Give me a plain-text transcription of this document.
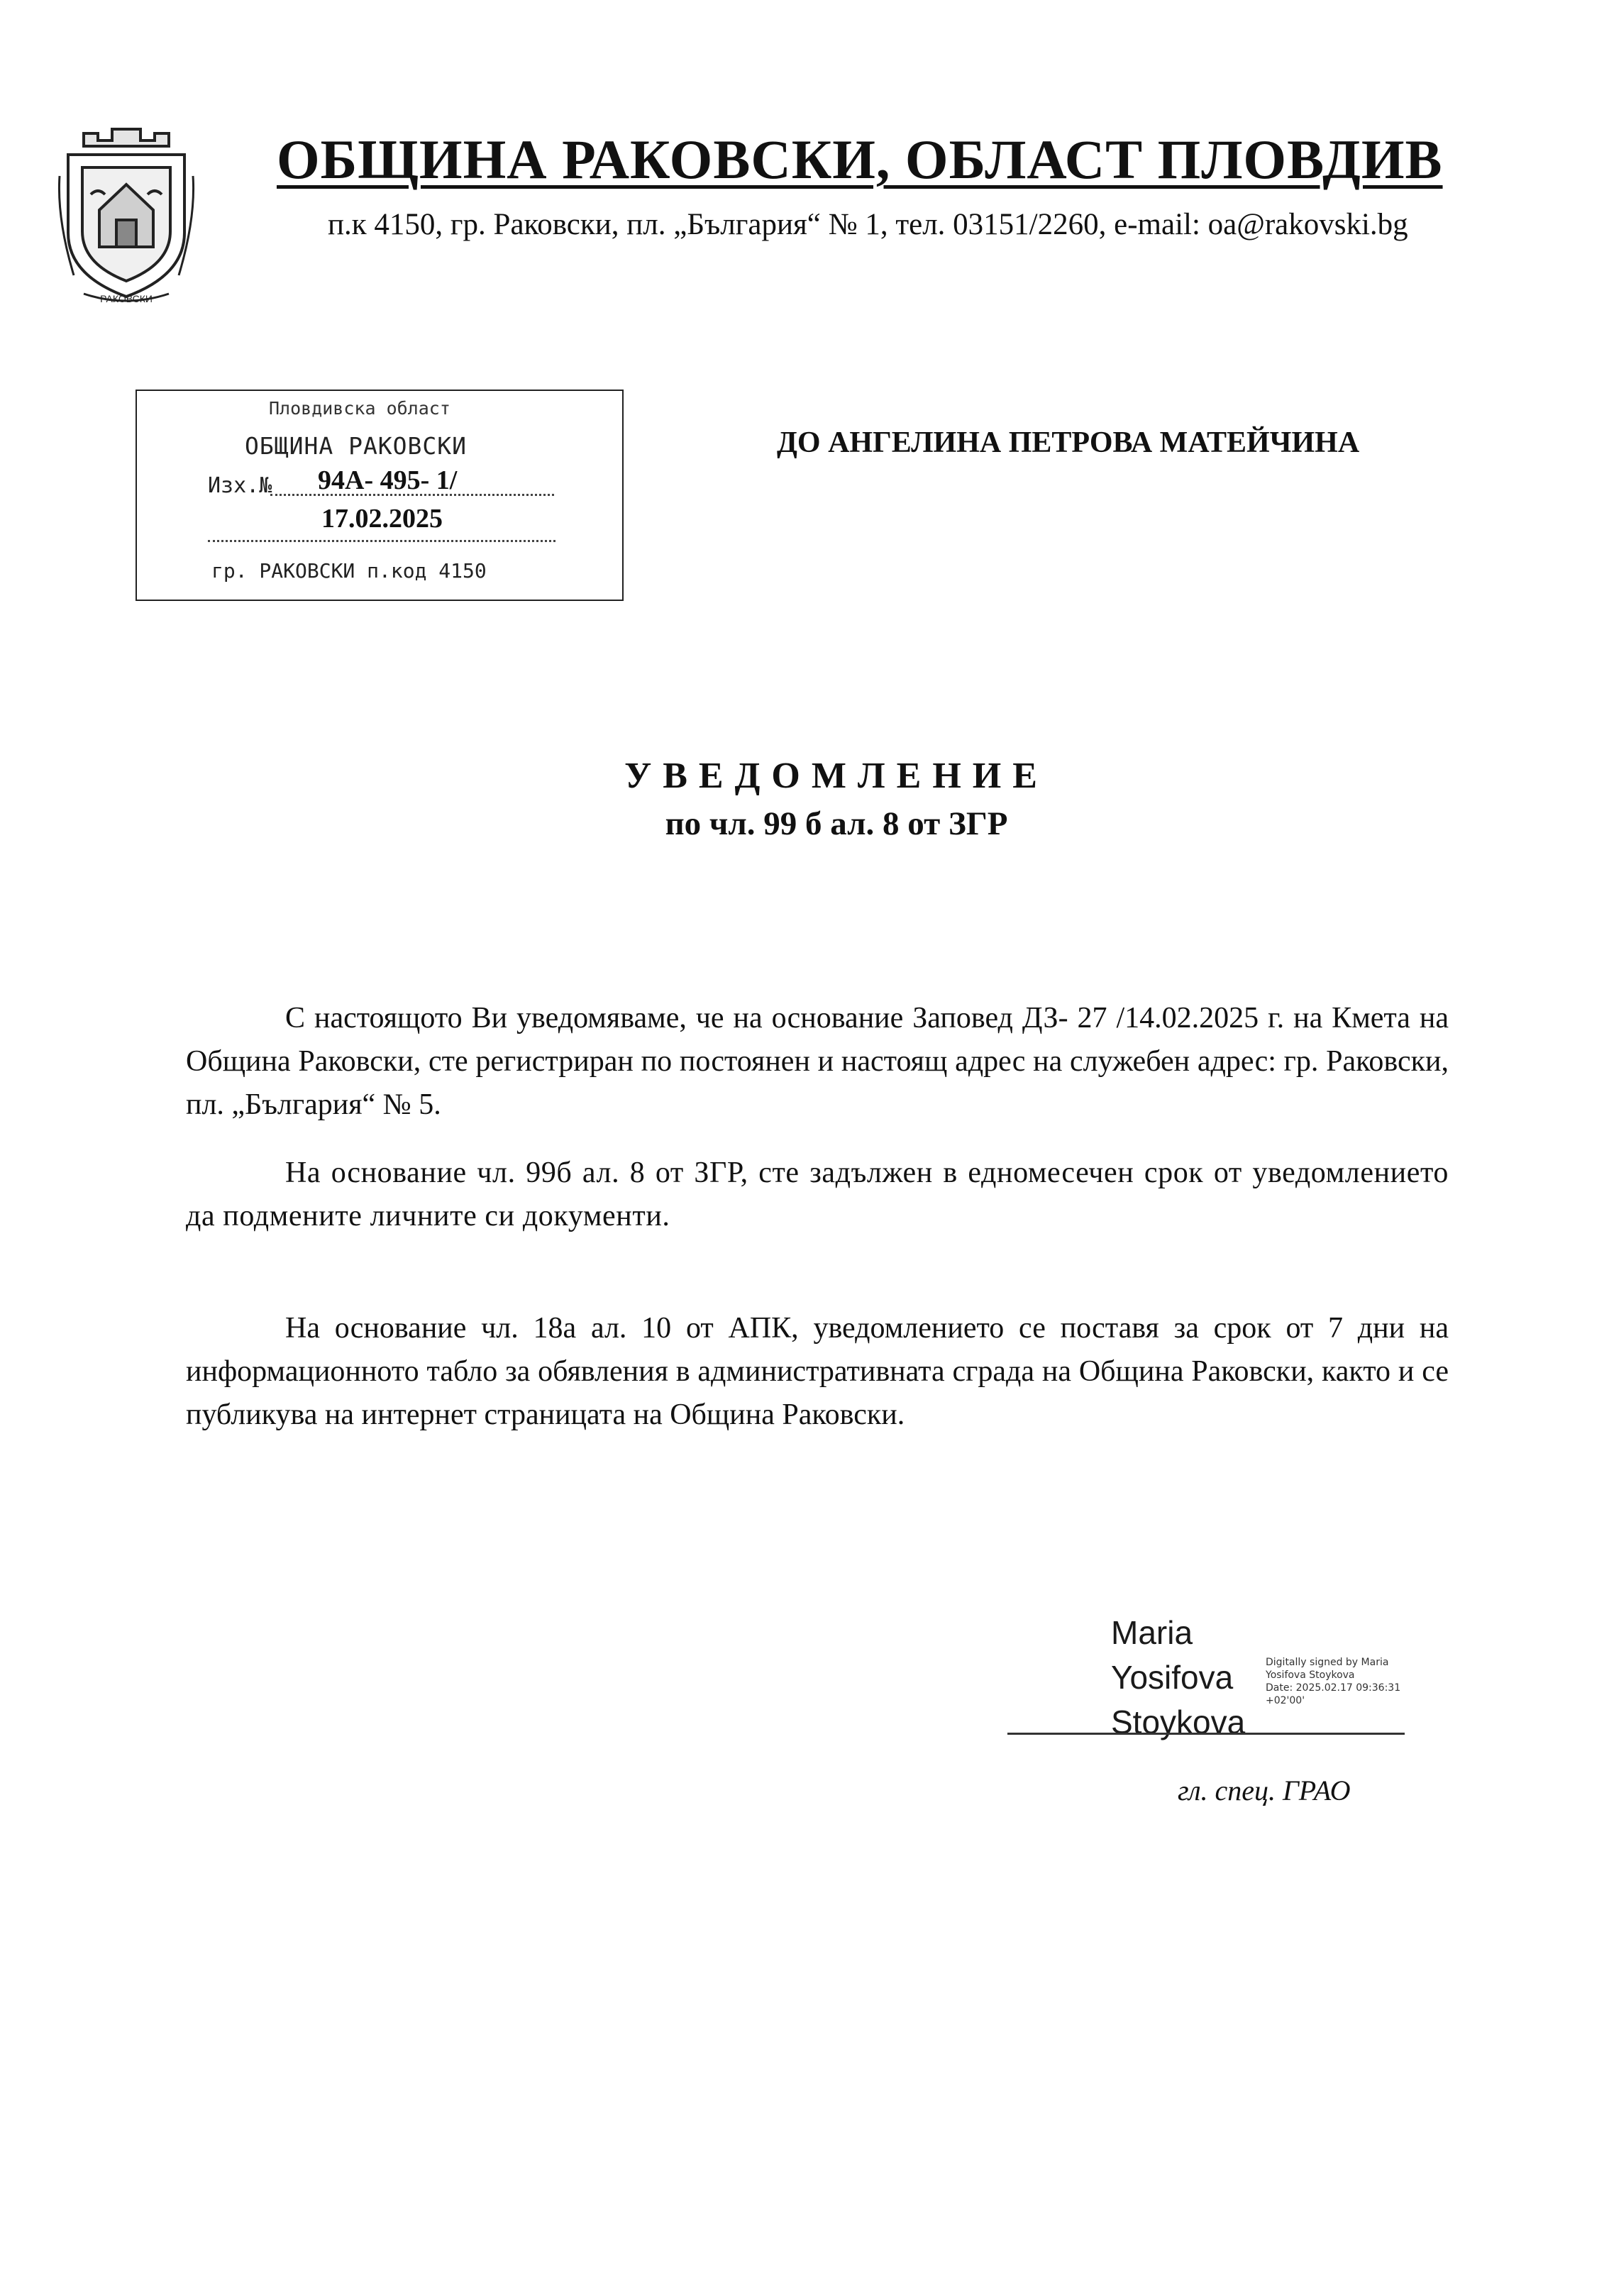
РАКОВСКИ
ОБЩИНА РАКОВСКИ, ОБЛАСТ ПЛОВДИВ
п.к 4150, гр. Раковски, пл. „България“ № 1, тел. 03151/2260, e-mail: oa@rakovski.bg
Пловдивска област
ОБЩИНА РАКОВСКИ
Изх.№ 94А- 495- 1/
17.02.2025
гр. РАКОВСКИ п.код 4150
ДО АНГЕЛИНА ПЕТРОВА МАТЕЙЧИНА
УВЕДОМЛЕНИЕ
по чл. 99 б ал. 8 от ЗГР
С настоящото Ви уведомяваме, че на основание Заповед ДЗ- 27 /14.02.2025 г. на Кмета на Община Раковски, сте регистриран по постоянен и настоящ адрес на служебен адрес: гр. Раковски, пл. „България“ № 5.
На основание чл. 99б ал. 8 от ЗГР, сте задължен в едномесечен срок от уведомлението да подмените личните си документи.
На основание чл. 18а ал. 10 от АПК, уведомлението се поставя за срок от 7 дни на информационното табло за обявления в административната сграда на Община Раковски, както и се публикува на интернет страницата на Община Раковски.
Maria
Yosifova
Stoykova
Digitally signed by Maria
Yosifova Stoykova
Date: 2025.02.17 09:36:31
+02'00'
гл. спец. ГРАО
